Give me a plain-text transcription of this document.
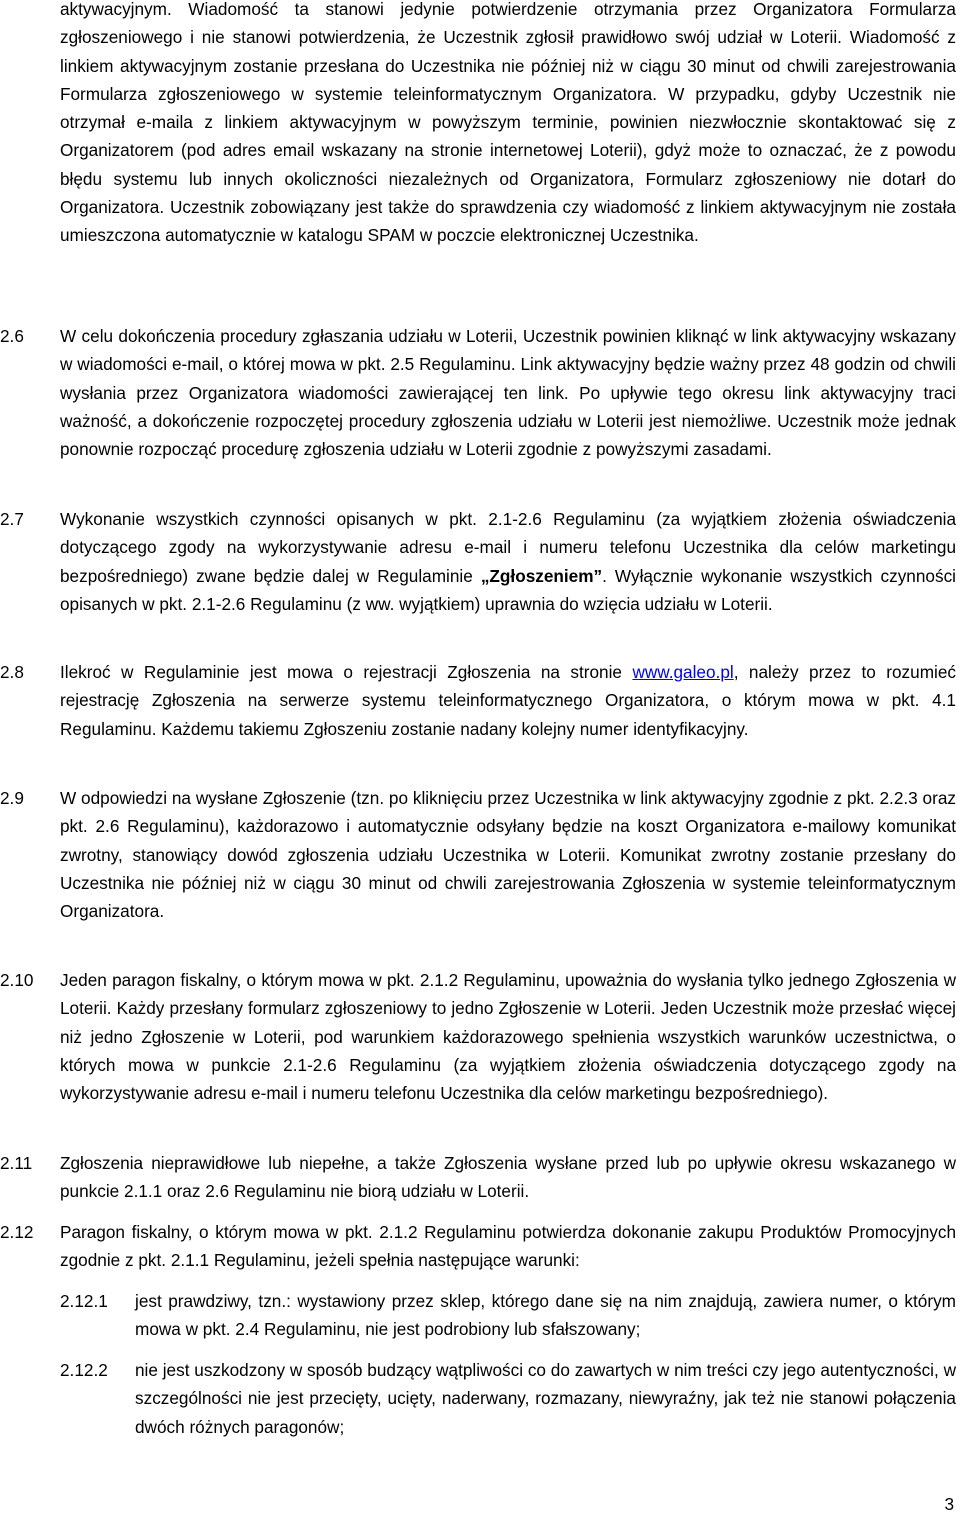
aktywacyjnym. Wiadomość ta stanowi jedynie potwierdzenie otrzymania przez Organizatora Formularza zgłoszeniowego i nie stanowi potwierdzenia, że Uczestnik zgłosił prawidłowo swój udział w Loterii. Wiadomość z linkiem aktywacyjnym zostanie przesłana do Uczestnika nie później niż w ciągu 30 minut od chwili zarejestrowania Formularza zgłoszeniowego w systemie teleinformatycznym Organizatora. W przypadku, gdyby Uczestnik nie otrzymał e-maila z linkiem aktywacyjnym w powyższym terminie, powinien niezwłocznie skontaktować się z Organizatorem (pod adres email wskazany na stronie internetowej Loterii), gdyż może to oznaczać, że z powodu błędu systemu lub innych okoliczności niezależnych od Organizatora, Formularz zgłoszeniowy nie dotarł do Organizatora. Uczestnik zobowiązany jest także do sprawdzenia czy wiadomość z linkiem aktywacyjnym nie została umieszczona automatycznie w katalogu SPAM w poczcie elektronicznej Uczestnika.
2.6 W celu dokończenia procedury zgłaszania udziału w Loterii, Uczestnik powinien kliknąć w link aktywacyjny wskazany w wiadomości e-mail, o której mowa w pkt. 2.5 Regulaminu. Link aktywacyjny będzie ważny przez 48 godzin od chwili wysłania przez Organizatora wiadomości zawierającej ten link. Po upływie tego okresu link aktywacyjny traci ważność, a dokończenie rozpoczętej procedury zgłoszenia udziału w Loterii jest niemożliwe. Uczestnik może jednak ponownie rozpocząć procedurę zgłoszenia udziału w Loterii zgodnie z powyższymi zasadami.
2.7 Wykonanie wszystkich czynności opisanych w pkt. 2.1-2.6 Regulaminu (za wyjątkiem złożenia oświadczenia dotyczącego zgody na wykorzystywanie adresu e-mail i numeru telefonu Uczestnika dla celów marketingu bezpośredniego) zwane będzie dalej w Regulaminie „Zgłoszeniem”. Wyłącznie wykonanie wszystkich czynności opisanych w pkt. 2.1-2.6 Regulaminu (z ww. wyjątkiem) uprawnia do wzięcia udziału w Loterii.
2.8 Ilekroć w Regulaminie jest mowa o rejestracji Zgłoszenia na stronie www.galeo.pl, należy przez to rozumieć rejestrację Zgłoszenia na serwerze systemu teleinformatycznego Organizatora, o którym mowa w pkt. 4.1 Regulaminu. Każdemu takiemu Zgłoszeniu zostanie nadany kolejny numer identyfikacyjny.
2.9 W odpowiedzi na wysłane Zgłoszenie (tzn. po kliknięciu przez Uczestnika w link aktywacyjny zgodnie z pkt. 2.2.3 oraz pkt. 2.6 Regulaminu), każdorazowo i automatycznie odsyłany będzie na koszt Organizatora e-mailowy komunikat zwrotny, stanowiący dowód zgłoszenia udziału Uczestnika w Loterii. Komunikat zwrotny zostanie przesłany do Uczestnika nie później niż w ciągu 30 minut od chwili zarejestrowania Zgłoszenia w systemie teleinformatycznym Organizatora.
2.10 Jeden paragon fiskalny, o którym mowa w pkt. 2.1.2 Regulaminu, upoważnia do wysłania tylko jednego Zgłoszenia w Loterii. Każdy przesłany formularz zgłoszeniowy to jedno Zgłoszenie w Loterii. Jeden Uczestnik może przesłać więcej niż jedno Zgłoszenie w Loterii, pod warunkiem każdorazowego spełnienia wszystkich warunków uczestnictwa, o których mowa w punkcie 2.1-2.6 Regulaminu (za wyjątkiem złożenia oświadczenia dotyczącego zgody na wykorzystywanie adresu e-mail i numeru telefonu Uczestnika dla celów marketingu bezpośredniego).
2.11 Zgłoszenia nieprawidłowe lub niepełne, a także Zgłoszenia wysłane przed lub po upływie okresu wskazanego w punkcie 2.1.1 oraz 2.6 Regulaminu nie biorą udziału w Loterii.
2.12 Paragon fiskalny, o którym mowa w pkt. 2.1.2 Regulaminu potwierdza dokonanie zakupu Produktów Promocyjnych zgodnie z pkt. 2.1.1 Regulaminu, jeżeli spełnia następujące warunki:
2.12.1 jest prawdziwy, tzn.: wystawiony przez sklep, którego dane się na nim znajdują, zawiera numer, o którym mowa w pkt. 2.4 Regulaminu, nie jest podrobiony lub sfałszowany;
2.12.2 nie jest uszkodzony w sposób budzący wątpliwości co do zawartych w nim treści czy jego autentyczności, w szczególności nie jest przecięty, ucięty, naderwany, rozmazany, niewyraźny, jak też nie stanowi połączenia dwóch różnych paragonów;
3
